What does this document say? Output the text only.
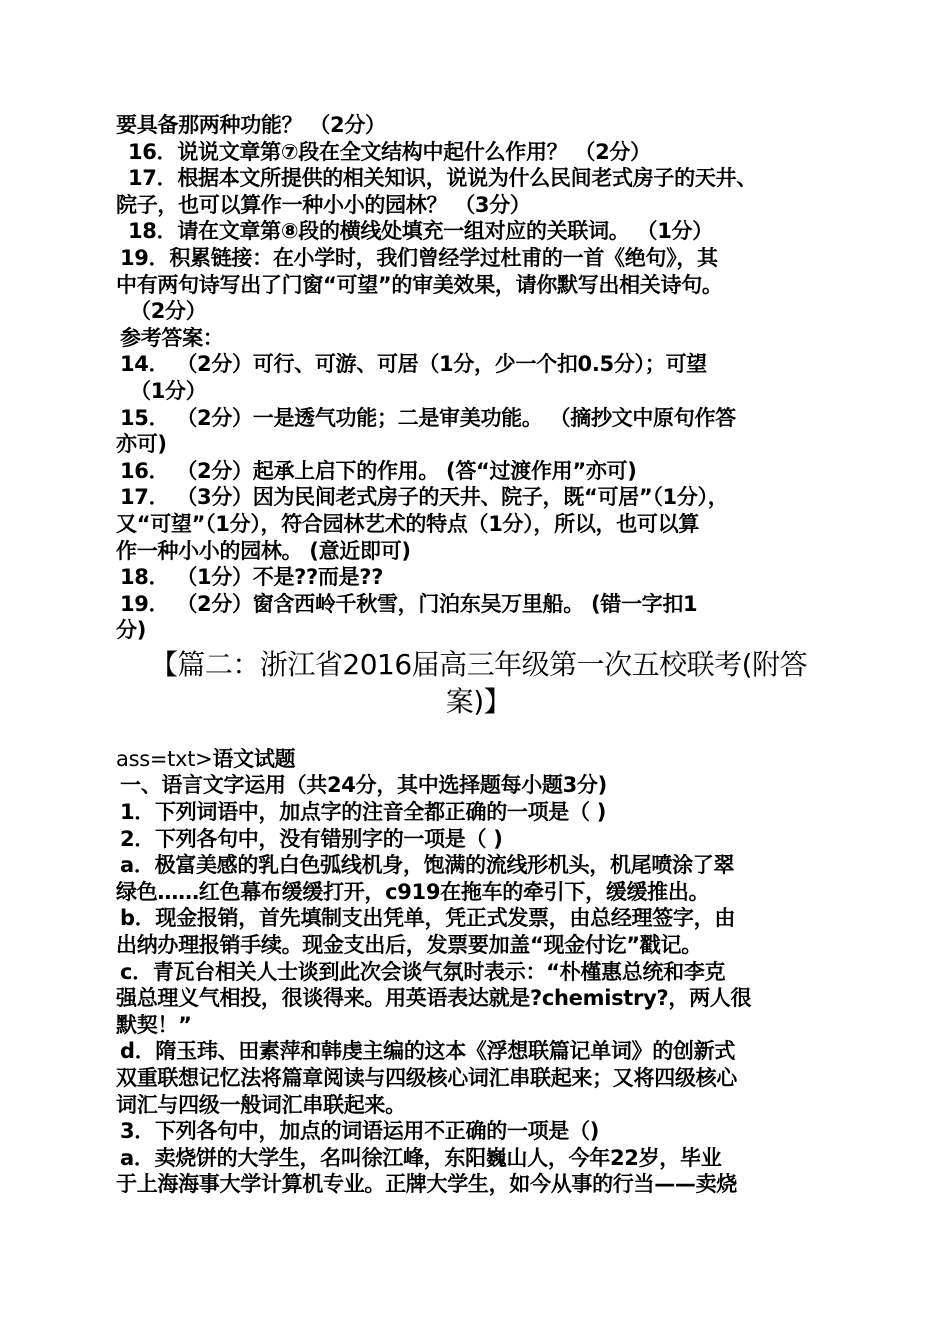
要具备那两种功能？ （2分）
16．说说文章第⑦段在全文结构中起什么作用？ （2分）
17．根据本文所提供的相关知识，说说为什么民间老式房子的天井、
院子，也可以算作一种小小的园林？ （3分）
18．请在文章第⑧段的横线处填充一组对应的关联词。 （1分）
19．积累链接：在小学时，我们曾经学过杜甫的一首《绝句》，其
中有两句诗写出了门窗“可望”的审美效果，请你默写出相关诗句。
（2分）
参考答案：
14． （2分）可行、可游、可居（1分，少一个扣0.5分）；可望
（1分）
15． （2分）一是透气功能；二是审美功能。 （摘抄文中原句作答
亦可)
16． （2分）起承上启下的作用。 (答“过渡作用”亦可)
17． （3分）因为民间老式房子的天井、院子，既“可居”（1分），
又“可望”（1分），符合园林艺术的特点（1分），所以，也可以算
作一种小小的园林。 (意近即可)
18． （1分）不是??而是??
19． （2分）窗含西岭千秋雪，门泊东吴万里船。 (错一字扣1
分)
【篇二：浙江省2016届高三年级第一次五校联考(附答
案)】
ass=txt>语文试题
一、语言文字运用（共24分，其中选择题每小题3分)
1．下列词语中，加点字的注音全都正确的一项是（ )
2．下列各句中，没有错别字的一项是（ )
a．极富美感的乳白色弧线机身，饱满的流线形机头，机尾喷涂了翠
绿色……红色幕布缓缓打开，c919在拖车的牵引下，缓缓推出。
b．现金报销，首先填制支出凭单，凭正式发票，由总经理签字，由
出纳办理报销手续。现金支出后，发票要加盖“现金付讫”戳记。
c．青瓦台相关人士谈到此次会谈气氛时表示：“朴槿惠总统和李克
强总理义气相投，很谈得来。用英语表达就是?chemistry?，两人很
默契！”
d．隋玉玮、田素萍和韩虔主编的这本《浮想联篇记单词》的创新式
双重联想记忆法将篇章阅读与四级核心词汇串联起来；又将四级核心
词汇与四级一般词汇串联起来。
3．下列各句中，加点的词语运用不正确的一项是（)
a．卖烧饼的大学生，名叫徐江峰，东阳巍山人，今年22岁，毕业
于上海海事大学计算机专业。正牌大学生，如今从事的行当——卖烧
